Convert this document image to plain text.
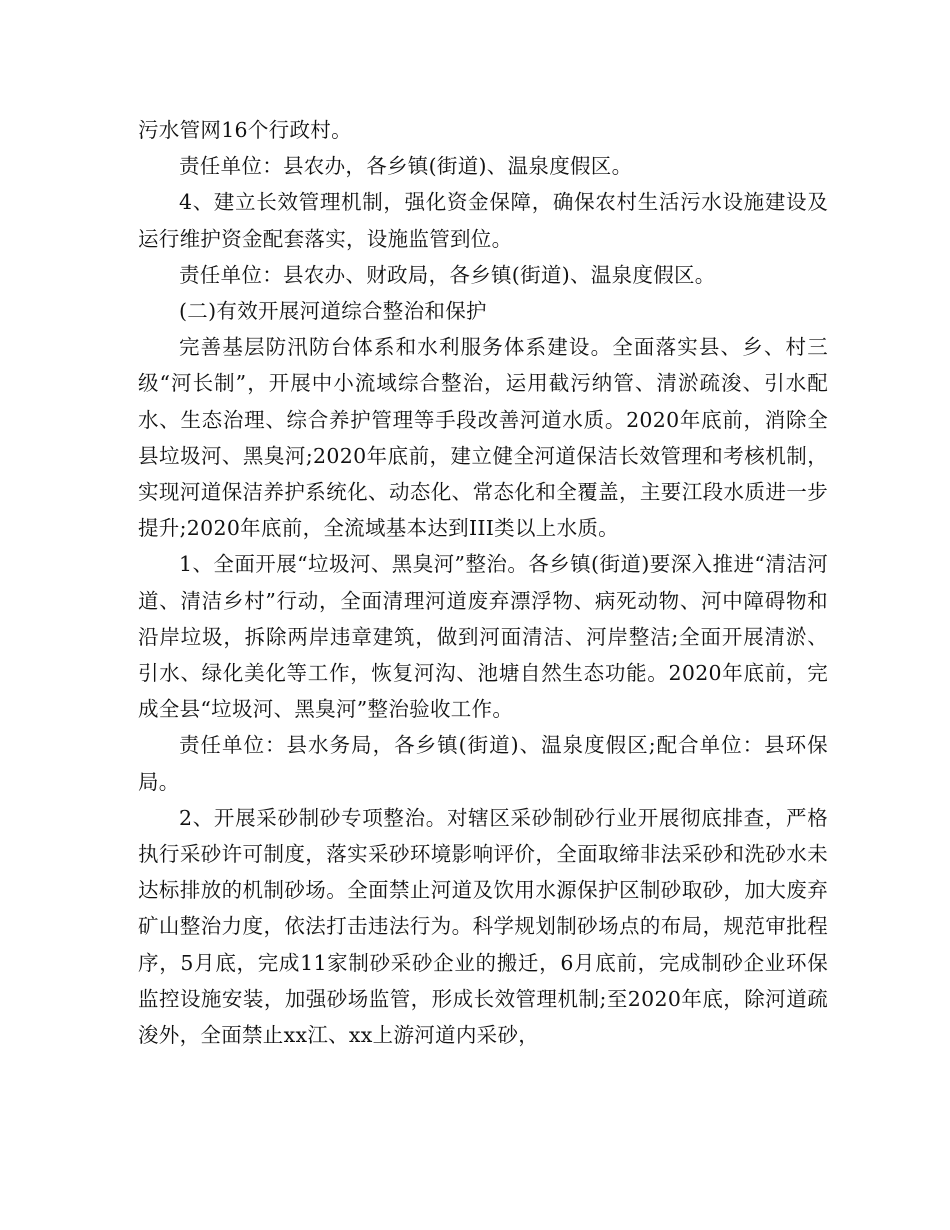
污水管网16个行政村。

责任单位：县农办，各乡镇(街道)、温泉度假区。

4、建立长效管理机制，强化资金保障，确保农村生活污水设施建设及运行维护资金配套落实，设施监管到位。

责任单位：县农办、财政局，各乡镇(街道)、温泉度假区。

(二)有效开展河道综合整治和保护

完善基层防汛防台体系和水利服务体系建设。全面落实县、乡、村三级“河长制”，开展中小流域综合整治，运用截污纳管、清淤疏浚、引水配水、生态治理、综合养护管理等手段改善河道水质。2020年底前，消除全县垃圾河、黑臭河;2020年底前，建立健全河道保洁长效管理和考核机制，实现河道保洁养护系统化、动态化、常态化和全覆盖，主要江段水质进一步提升;2020年底前，全流域基本达到III类以上水质。

1、全面开展“垃圾河、黑臭河”整治。各乡镇(街道)要深入推进“清洁河道、清洁乡村”行动，全面清理河道废弃漂浮物、病死动物、河中障碍物和沿岸垃圾，拆除两岸违章建筑，做到河面清洁、河岸整洁;全面开展清淤、引水、绿化美化等工作，恢复河沟、池塘自然生态功能。2020年底前，完成全县“垃圾河、黑臭河”整治验收工作。

责任单位：县水务局，各乡镇(街道)、温泉度假区;配合单位：县环保局。

2、开展采砂制砂专项整治。对辖区采砂制砂行业开展彻底排查，严格执行采砂许可制度，落实采砂环境影响评价，全面取缔非法采砂和洗砂水未达标排放的机制砂场。全面禁止河道及饮用水源保护区制砂取砂，加大废弃矿山整治力度，依法打击违法行为。科学规划制砂场点的布局，规范审批程序，5月底，完成11家制砂采砂企业的搬迁，6月底前，完成制砂企业环保监控设施安装，加强砂场监管，形成长效管理机制;至2020年底，除河道疏浚外，全面禁止xx江、xx上游河道内采砂，
